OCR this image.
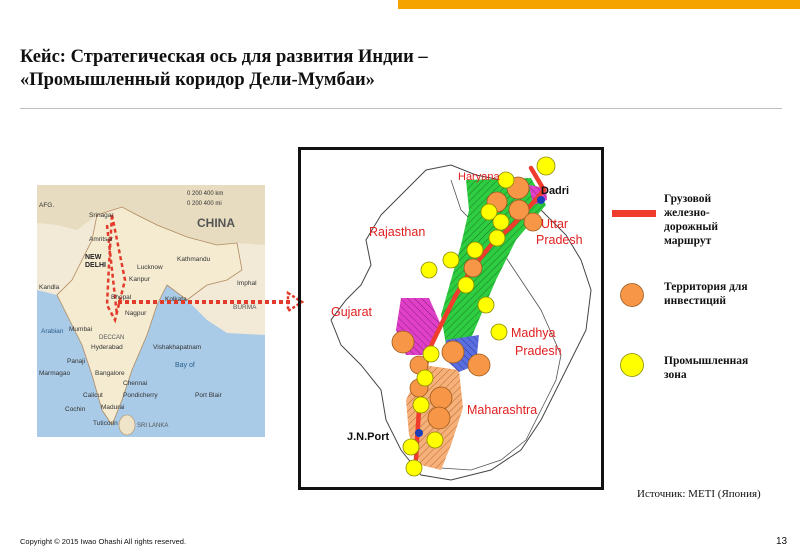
Кейс: Стратегическая ось для развития Индии –
«Промышленный коридор Дели-Мумбаи»
AFG.
CHINA
Srinagar
Amritsar
NEW
DELHI
Kathmandu
Lucknow
Kanpur
Imphal
Kandla
Bhopal	Kolkata
BURMA
Nagpur
Mumbai
DECCAN
Hyderabad
Arabian
Vishakhapatnam
Panaji
Marmagao	Bangalore
Chennai
Bay of
Calicut	Pondicherry	Port Blair
Cochin Madurai
Tuticorin	SRI LANKA
0 200 400 km
0 200 400 mi
Haryana
Rajasthan
Uttar
Pradesh
Gujarat
Madhya
Pradesh
Maharashtra
Dadri
J.N.Port
Грузовой
железно-
дорожный
маршрут
Территория для
инвестиций
Промышленная
зона
Источник: METI (Япония)
Copyright © 2015 Iwao Ohashi All rights reserved.	13
